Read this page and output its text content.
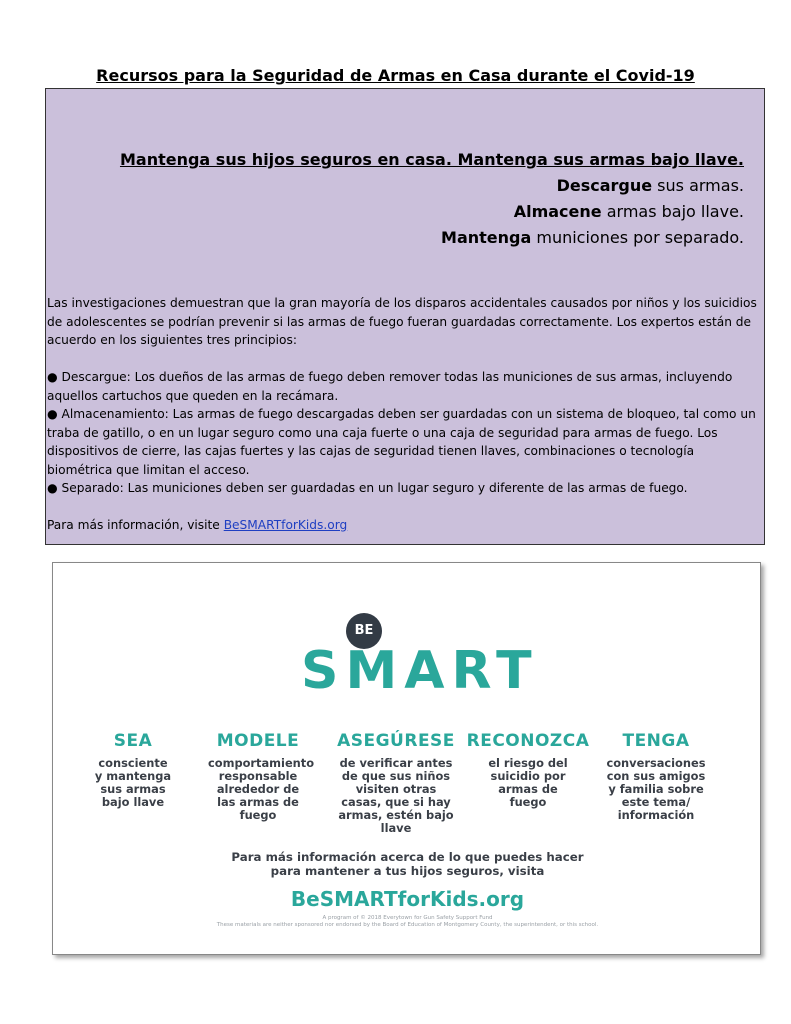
Recursos para la Seguridad de Armas en Casa durante el Covid-19
Mantenga sus hijos seguros en casa. Mantenga sus armas bajo llave.
Descargue sus armas.
Almacene armas bajo llave.
Mantenga municiones por separado.

Las investigaciones demuestran que la gran mayoría de los disparos accidentales causados por niños y los suicidios de adolescentes se podrían prevenir si las armas de fuego fueran guardadas correctamente. Los expertos están de acuerdo en los siguientes tres principios:

● Descargue: Los dueños de las armas de fuego deben remover todas las municiones de sus armas, incluyendo aquellos cartuchos que queden en la recámara.

● Almacenamiento: Las armas de fuego descargadas deben ser guardadas con un sistema de bloqueo, tal como un traba de gatillo, o en un lugar seguro como una caja fuerte o una caja de seguridad para armas de fuego. Los dispositivos de cierre, las cajas fuertes y las cajas de seguridad tienen llaves, combinaciones o tecnología biométrica que limitan el acceso.

● Separado: Las municiones deben ser guardadas en un lugar seguro y diferente de las armas de fuego.

Para más información, visite BeSMARTforKids.org

BE
SMART
SEA
consciente y mantenga sus armas bajo llave
MODELE
comportamiento responsable alrededor de las armas de fuego
ASEGÚRESE
de verificar antes de que sus niños visiten otras casas, que si hay armas, estén bajo llave
RECONOZCA
el riesgo del suicidio por armas de fuego
TENGA
conversaciones con sus amigos y familia sobre este tema/ información
Para más información acerca de lo que puedes hacer
para mantener a tus hijos seguros, visita
BeSMARTforKids.org
A program of © 2018 Everytown for Gun Safety Support Fund
These materials are neither sponsored nor endorsed by the Board of Education of Montgomery County, the superintendent, or this school.
